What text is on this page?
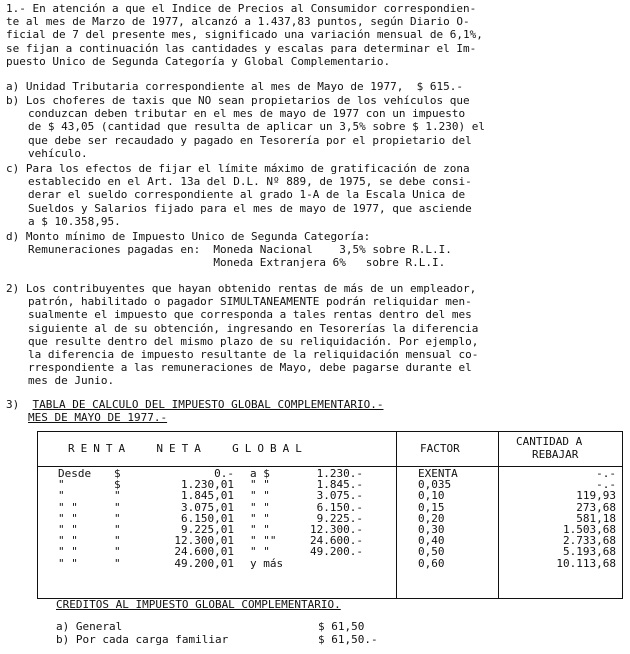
1.- En atención a que el Indice de Precios al Consumidor correspondien-
te al mes de Marzo de 1977, alcanzó a 1.437,83 puntos, según Diario O-
ficial de 7 del presente mes, significado una variación mensual de 6,1%,
se fijan a continuación las cantidades y escalas para determinar el Im-
puesto Unico de Segunda Categoría y Global Complementario.
a) Unidad Tributaria correspondiente al mes de Mayo de 1977,  $ 615.-
b) Los choferes de taxis que NO sean propietarios de los vehículos que
conduzcan deben tributar en el mes de mayo de 1977 con un impuesto
de $ 43,05 (cantidad que resulta de aplicar un 3,5% sobre $ 1.230) el
que debe ser recaudado y pagado en Tesorería por el propietario del
vehículo.
c) Para los efectos de fijar el límite máximo de gratificación de zona
establecido en el Art. 13a del D.L. Nº 889, de 1975, se debe consi-
derar el sueldo correspondiente al grado 1-A de la Escala Unica de
Sueldos y Salarios fijado para el mes de mayo de 1977, que asciende
a $ 10.358,95.
d) Monto mínimo de Impuesto Unico de Segunda Categoría:
Remuneraciones pagadas en:  Moneda Nacional    3,5% sobre R.L.I.
Moneda Extranjera 6%   sobre R.L.I.
2) Los contribuyentes que hayan obtenido rentas de más de un empleador,
patrón, habilitado o pagador SIMULTANEAMENTE podrán reliquidar men-
sualmente el impuesto que corresponda a tales rentas dentro del mes
siguiente al de su obtención, ingresando en Tesorerías la diferencia
que resulte dentro del mismo plazo de su reliquidación. Por ejemplo,
la diferencia de impuesto resultante de la reliquidación mensual co-
rrespondiente a las remuneraciones de Mayo, debe pagarse durante el
mes de Junio.
3) TABLA DE CALCULO DEL IMPUESTO GLOBAL COMPLEMENTARIO.-
MES DE MAYO DE 1977.-
RENTA  NETA  GLOBAL	FACTOR
CANTIDAD A
REBAJAR
Desde $	0.- a $	1.230.-	EXENTA	-.-
"	$	1.230,01 " "	1.845.-	0,035	-.-
"	"	1.845,01 " "	3.075.-	0,10	119,93
" "	"	3.075,01 " "	6.150.-	0,15	273,68
" "	"	6.150,01 " "	9.225.-	0,20	581,18
" "	"	9.225,01 " "	12.300.-	0,30	1.503,68
" "	"	12.300,01 " ""	24.600.-	0,40	2.733,68
" "	"	24.600,01 " "	49.200.-	0,50	5.193,68
" "	"	49.200,01 y más	0,60	10.113,68
CREDITOS AL IMPUESTO GLOBAL COMPLEMENTARIO.
a) General	$ 61,50
b) Por cada carga familiar	$ 61,50.-
